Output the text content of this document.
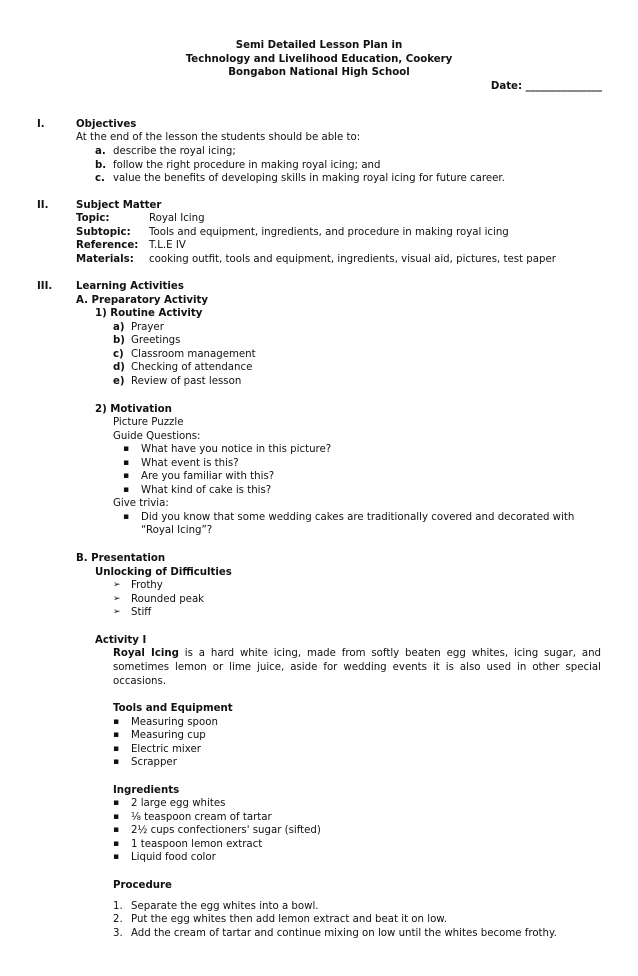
Semi Detailed Lesson Plan in
Technology and Livelihood Education, Cookery
Bongabon National High School
Date: _______________
I.	Objectives
At the end of the lesson the students should be able to:
a. describe the royal icing;
b. follow the right procedure in making royal icing; and
c. value the benefits of developing skills in making royal icing for future career.
II.	Subject Matter
Topic:	Royal Icing
Subtopic: Tools and equipment, ingredients, and procedure in making royal icing
Reference: T.L.E IV
Materials: cooking outfit, tools and equipment, ingredients, visual aid, pictures, test paper
III. Learning Activities
A. Preparatory Activity
1) Routine Activity
a) Prayer
b) Greetings
c) Classroom management
d) Checking of attendance
e) Review of past lesson
2) Motivation
Picture Puzzle
Guide Questions:
▪ What have you notice in this picture?
▪ What event is this?
▪ Are you familiar with this?
▪ What kind of cake is this?
Give trivia:
▪ Did you know that some wedding cakes are traditionally covered and decorated with
“Royal Icing”?
B. Presentation
Unlocking of Difficulties
➢ Frothy
➢ Rounded peak
➢ Stiff
Activity I
Royal Icing is a hard white icing, made from softly beaten egg whites, icing sugar, and sometimes lemon or lime juice, aside for wedding events it is also used in other special occasions.
Tools and Equipment
▪ Measuring spoon
▪ Measuring cup
▪ Electric mixer
▪ Scrapper
Ingredients
▪ 2 large egg whites
▪ ⅛ teaspoon cream of tartar
▪ 2½ cups confectioners' sugar (sifted)
▪ 1 teaspoon lemon extract
▪ Liquid food color
Procedure
1. Separate the egg whites into a bowl.
2. Put the egg whites then add lemon extract and beat it on low.
3. Add the cream of tartar and continue mixing on low until the whites become frothy.
